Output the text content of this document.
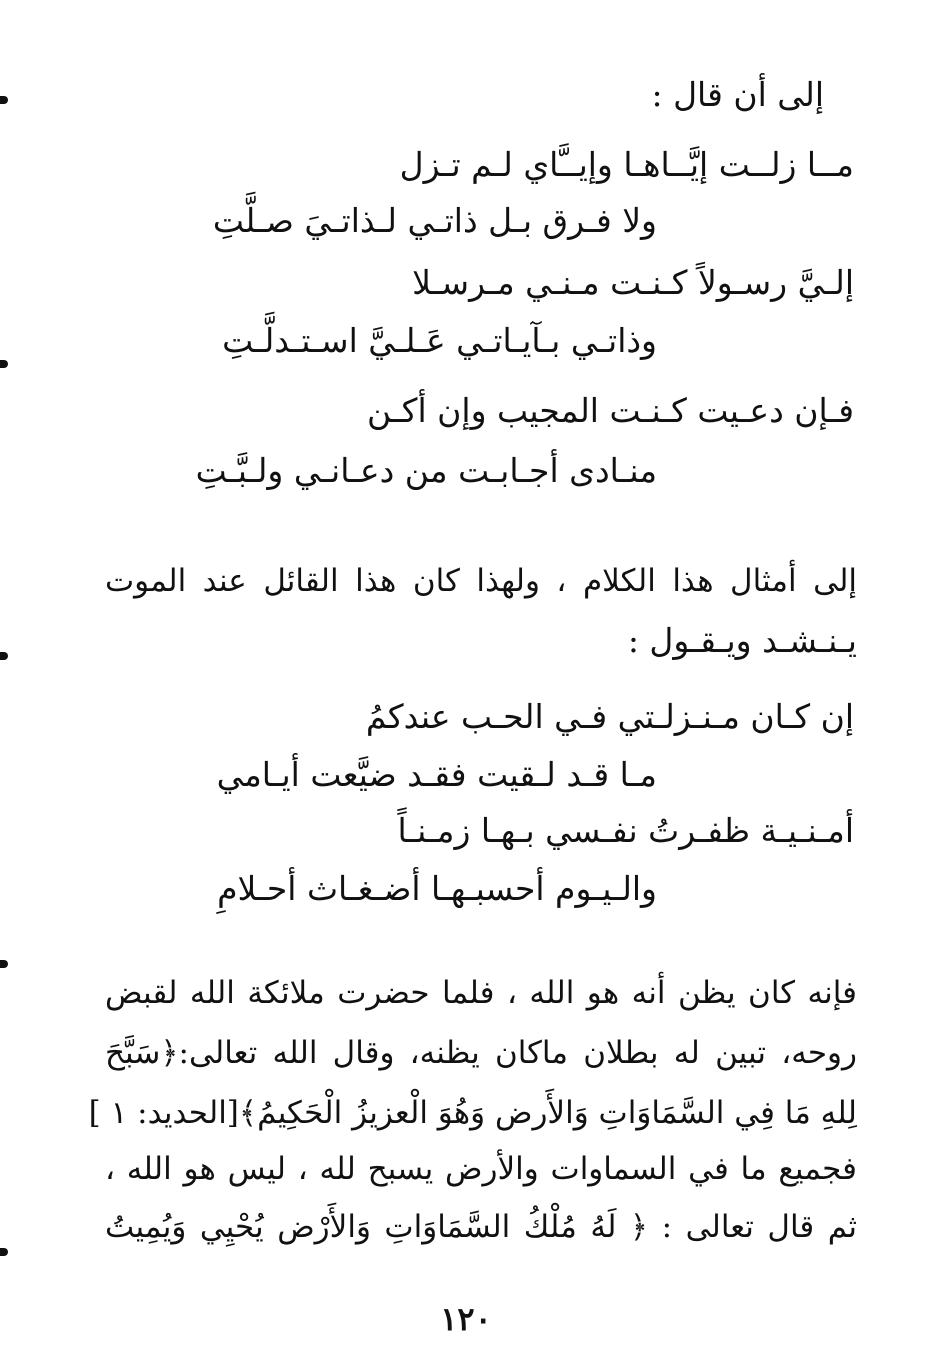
إلى أن قال :
مــا زلــت إيَّــاهـا وإيــَّاي لـم تـزل
ولا فـرق بـل ذاتـي لـذاتـيَ صـلَّتِ
إلـيَّ رسـولاً كـنـت مـنـي مـرسـلا
وذاتـي بـآيـاتـي عَـلـيَّ اسـتـدلَّـتِ
فـإن دعـيت كـنـت المجيب وإن أكـن
منـادى أجـابـت من دعـانـي ولـبَّـتِ
إلى أمثال هذا الكلام ، ولهذا كان هذا القائل عند الموت
يـنـشـد ويـقـول :
إن كـان مـنـزلـتي فـي الحـب عندكمُ
مـا قـد لـقيت فقـد ضيَّعت أيـامي
أمـنـيـة ظفـرتُ نفـسي بـهـا زمـنـاً
والـيـوم أحسبـهـا أضـغـاث أحـلامِ
فإنه كان يظن أنه هو الله ، فلما حضرت ملائكة الله لقبض
روحه، تبين له بطلان ماكان يظنه، وقال الله تعالى:﴿سَبَّحَ
لِلهِ مَا فِي السَّمَاوَاتِ وَالأَرض وَهُوَ الْعزيزُ الْحَكِيمُ﴾[الحديد: ١ ]
فجميع ما في السماوات والأرض يسبح لله ، ليس هو الله ،
ثم قال تعالى : ﴿ لَهُ مُلْكُ السَّمَاوَاتِ وَالأَرْض يُحْيِي وَيُمِيتُ
١٢٠
